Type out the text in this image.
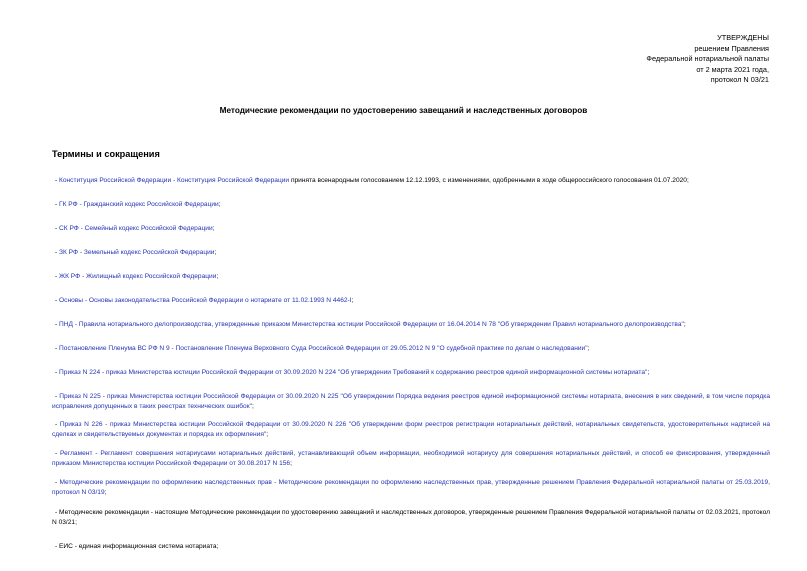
УТВЕРЖДЕНЫ
решением Правления
Федеральной нотариальной палаты
от 2 марта 2021 года,
протокол N 03/21
Методические рекомендации по удостоверению завещаний и наследственных договоров
Термины и сокращения
- Конституция Российской Федерации - Конституция Российской Федерации принята всенародным голосованием 12.12.1993, с изменениями, одобренными в ходе общероссийского голосования 01.07.2020;
- ГК РФ - Гражданский кодекс Российской Федерации;
- СК РФ - Семейный кодекс Российской Федерации;
- ЗК РФ - Земельный кодекс Российской Федерации;
- ЖК РФ - Жилищный кодекс Российской Федерации;
- Основы - Основы законодательства Российской Федерации о нотариате от 11.02.1993 N 4462-I;
- ПНД - Правила нотариального делопроизводства, утвержденные приказом Министерства юстиции Российской Федерации от 16.04.2014 N 78 "Об утверждении Правил нотариального делопроизводства";
- Постановление Пленума ВС РФ N 9 - Постановление Пленума Верховного Суда Российской Федерации от 29.05.2012 N 9 "О судебной практике по делам о наследовании";
- Приказ N 224 - приказ Министерства юстиции Российской Федерации от 30.09.2020 N 224 "Об утверждении Требований к содержанию реестров единой информационной системы нотариата";
- Приказ N 225 - приказ Министерства юстиции Российской Федерации от 30.09.2020 N 225 "Об утверждении Порядка ведения реестров единой информационной системы нотариата, внесения в них сведений, в том числе порядка исправления допущенных в таких реестрах технических ошибок";
- Приказ N 226 - приказ Министерства юстиции Российской Федерации от 30.09.2020 N 226 "Об утверждении форм реестров регистрации нотариальных действий, нотариальных свидетельств, удостоверительных надписей на сделках и свидетельствуемых документах и порядка их оформления";
- Регламент - Регламент совершения нотариусами нотариальных действий, устанавливающий объем информации, необходимой нотариусу для совершения нотариальных действий, и способ ее фиксирования, утвержденный приказом Министерства юстиции Российской Федерации от 30.08.2017 N 156;
- Методические рекомендации по оформлению наследственных прав - Методические рекомендации по оформлению наследственных прав, утвержденные решением Правления Федеральной нотариальной палаты от 25.03.2019, протокол N 03/19;
- Методические рекомендации - настоящие Методические рекомендации по удостоверению завещаний и наследственных договоров, утвержденные решением Правления Федеральной нотариальной палаты от 02.03.2021, протокол N 03/21;
- ЕИС - единая информационная система нотариата;
